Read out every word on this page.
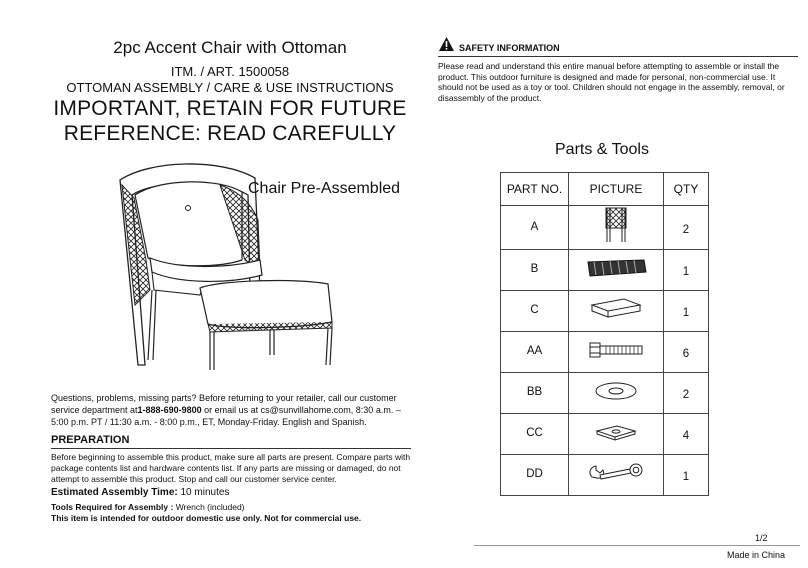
2pc Accent Chair with Ottoman
ITM. / ART. 1500058
OTTOMAN ASSEMBLY / CARE & USE INSTRUCTIONS
IMPORTANT, RETAIN FOR FUTURE
REFERENCE: READ CAREFULLY
Chair Pre-Assembled
Questions, problems, missing parts? Before returning to your retailer, call our customer service department at1-888-690-9800 or email us at cs@sunvillahome.com, 8:30 a.m. – 5:00 p.m. PT / 11:30 a.m. - 8:00 p.m., ET, Monday-Friday. English and Spanish.
PREPARATION
Before beginning to assemble this product, make sure all parts are present. Compare parts with package contents list and hardware contents list. If any parts are missing or damaged, do not attempt to assemble this product. Stop and call our customer service center.
Estimated Assembly Time: 10 minutes
Tools Required for Assembly : Wrench (included)
This item is intended for outdoor domestic use only. Not for commercial use.
SAFETY INFORMATION
Please read and understand this entire manual before attempting to assemble or install the product. This outdoor furniture is designed and made for personal, non-commercial use. It should not be used as a toy or tool. Children should not engage in the assembly, removal, or disassembly of the product.
Parts & Tools
PART NO.	PICTURE	QTY

A		2

B		1

C		1

AA		6

BB		2

CC		4

DD		1
1/2
Made in China
